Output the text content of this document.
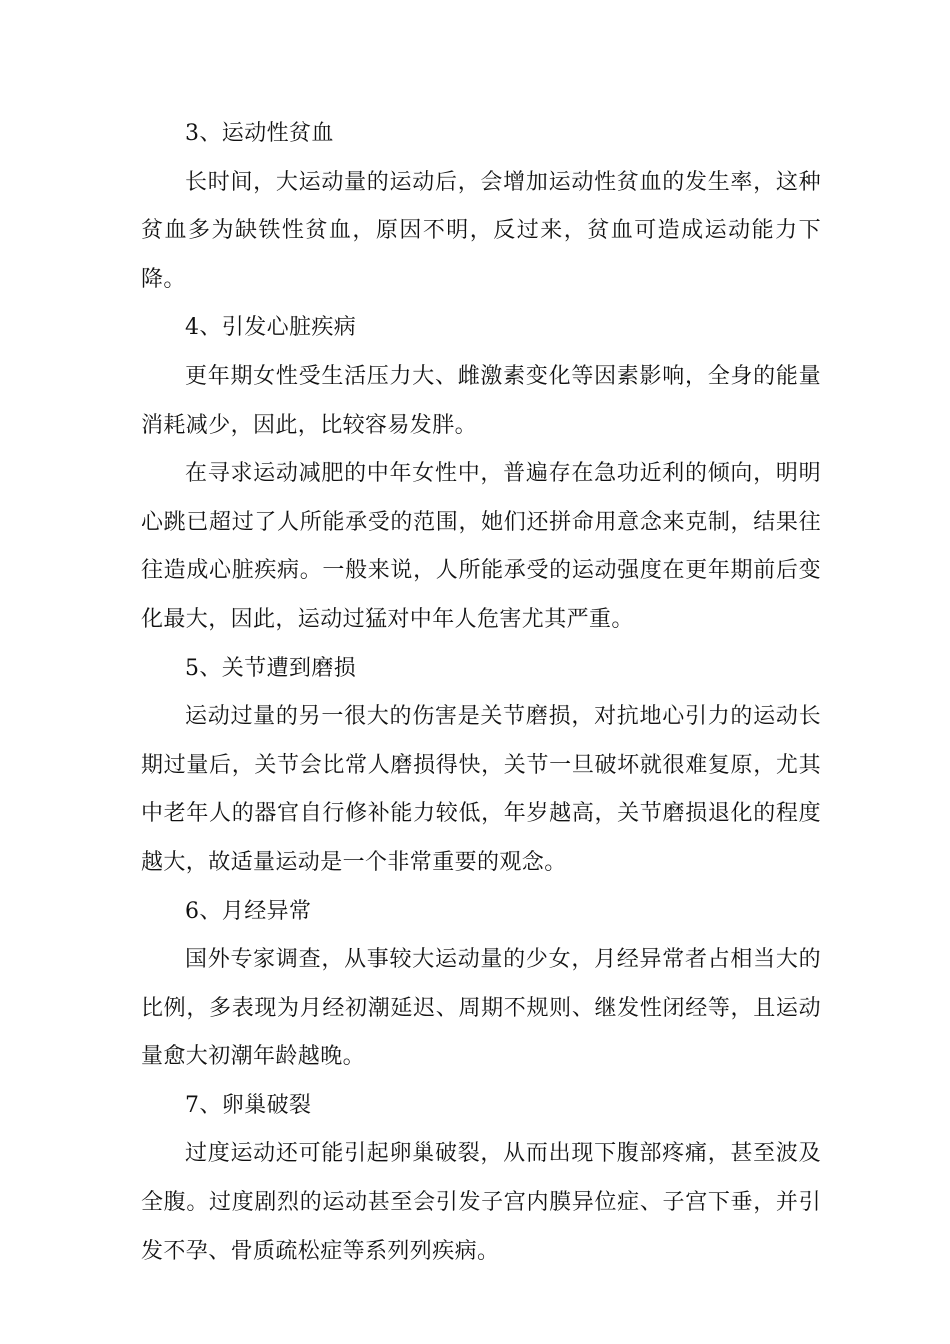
3、运动性贫血

长时间，大运动量的运动后，会增加运动性贫血的发生率，这种贫血多为缺铁性贫血，原因不明，反过来，贫血可造成运动能力下降。

4、引发心脏疾病

更年期女性受生活压力大、雌激素变化等因素影响，全身的能量消耗减少，因此，比较容易发胖。

在寻求运动减肥的中年女性中，普遍存在急功近利的倾向，明明心跳已超过了人所能承受的范围，她们还拼命用意念来克制，结果往往造成心脏疾病。一般来说，人所能承受的运动强度在更年期前后变化最大，因此，运动过猛对中年人危害尤其严重。

5、关节遭到磨损

运动过量的另一很大的伤害是关节磨损，对抗地心引力的运动长期过量后，关节会比常人磨损得快，关节一旦破坏就很难复原，尤其中老年人的器官自行修补能力较低，年岁越高，关节磨损退化的程度越大，故适量运动是一个非常重要的观念。

6、月经异常

国外专家调查，从事较大运动量的少女，月经异常者占相当大的比例，多表现为月经初潮延迟、周期不规则、继发性闭经等，且运动量愈大初潮年龄越晚。

7、卵巢破裂

过度运动还可能引起卵巢破裂，从而出现下腹部疼痛，甚至波及全腹。过度剧烈的运动甚至会引发子宫内膜异位症、子宫下垂，并引发不孕、骨质疏松症等系列列疾病。
